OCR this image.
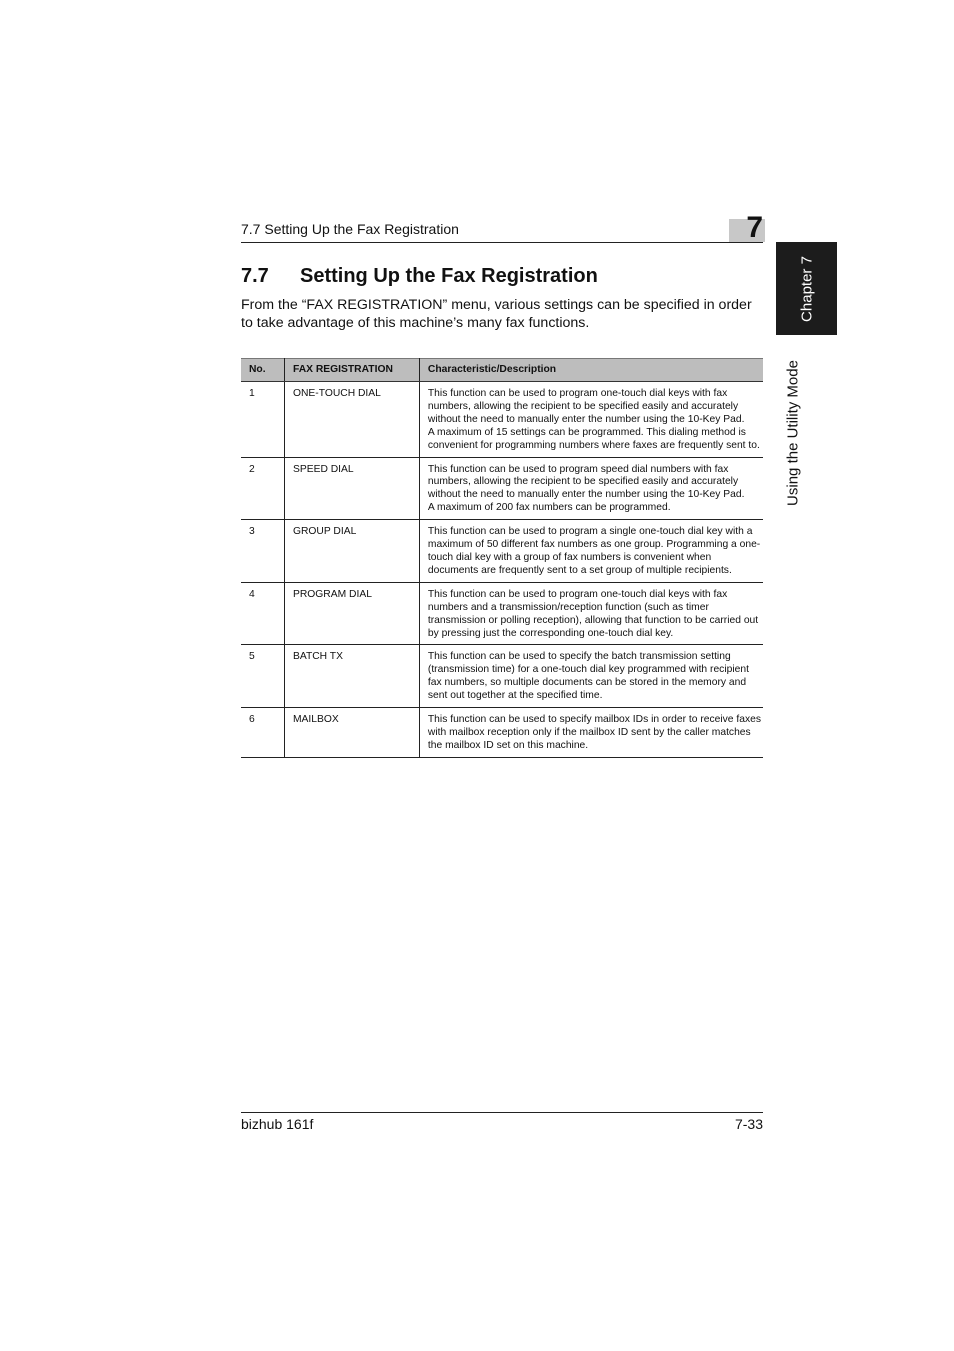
7.7 Setting Up the Fax Registration	7
Chapter 7
Using the Utility Mode
7.7 Setting Up the Fax Registration
From the “FAX REGISTRATION” menu, various settings can be specified in order to take advantage of this machine’s many fax functions.
No.	FAX REGISTRATION	Characteristic/Description
1	ONE-TOUCH DIAL	This function can be used to program one-touch dial keys with fax
numbers, allowing the recipient to be specified easily and accurately
without the need to manually enter the number using the 10-Key Pad.
A maximum of 15 settings can be programmed. This dialing method is
convenient for programming numbers where faxes are frequently sent to.

2	SPEED DIAL	This function can be used to program speed dial numbers with fax
numbers, allowing the recipient to be specified easily and accurately
without the need to manually enter the number using the 10-Key Pad.
A maximum of 200 fax numbers can be programmed.

3	GROUP DIAL	This function can be used to program a single one-touch dial key with a
maximum of 50 different fax numbers as one group. Programming a one-
touch dial key with a group of fax numbers is convenient when
documents are frequently sent to a set group of multiple recipients.

4	PROGRAM DIAL	This function can be used to program one-touch dial keys with fax
numbers and a transmission/reception function (such as timer
transmission or polling reception), allowing that function to be carried out
by pressing just the corresponding one-touch dial key.

5	BATCH TX	This function can be used to specify the batch transmission setting
(transmission time) for a one-touch dial key programmed with recipient
fax numbers, so multiple documents can be stored in the memory and
sent out together at the specified time.

6	MAILBOX	This function can be used to specify mailbox IDs in order to receive faxes
with mailbox reception only if the mailbox ID sent by the caller matches
the mailbox ID set on this machine.
bizhub 161f	7-33
